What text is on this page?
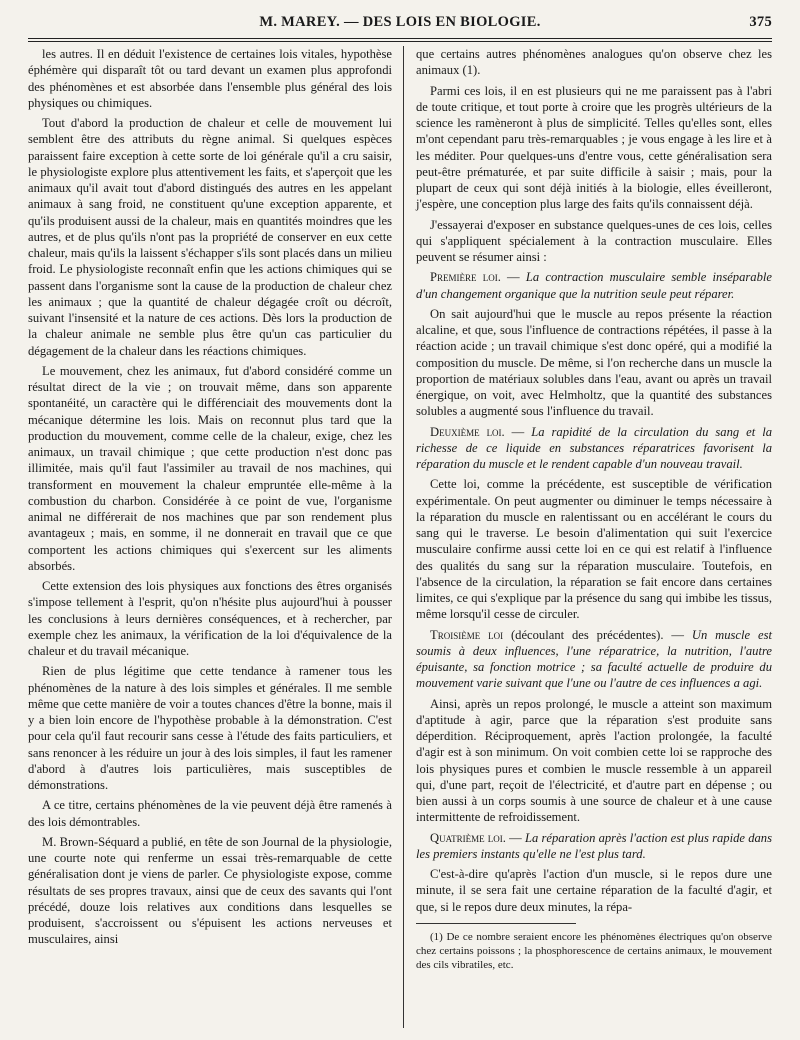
M. MAREY. — DES LOIS EN BIOLOGIE.	375

les autres. Il en déduit l'existence de certaines lois vitales, hypothèse éphémère qui disparaît tôt ou tard devant un examen plus approfondi des phénomènes et est absorbée dans l'ensemble plus général des lois physiques ou chimiques.

Tout d'abord la production de chaleur et celle de mouvement lui semblent être des attributs du règne animal. Si quelques espèces paraissent faire exception à cette sorte de loi générale qu'il a cru saisir, le physiologiste explore plus attentivement les faits, et s'aperçoit que les animaux qu'il avait tout d'abord distingués des autres en les appelant animaux à sang froid, ne constituent qu'une exception apparente, et qu'ils produisent aussi de la chaleur, mais en quantités moindres que les autres, et de plus qu'ils n'ont pas la propriété de conserver en eux cette chaleur, mais qu'ils la laissent s'échapper s'ils sont placés dans un milieu froid. Le physiologiste reconnaît enfin que les actions chimiques qui se passent dans l'organisme sont la cause de la production de chaleur chez les animaux ; que la quantité de chaleur dégagée croît ou décroît, suivant l'insensité et la nature de ces actions. Dès lors la production de la chaleur animale ne semble plus être qu'un cas particulier du dégagement de la chaleur dans les réactions chimiques.

Le mouvement, chez les animaux, fut d'abord considéré comme un résultat direct de la vie ; on trouvait même, dans son apparente spontanéité, un caractère qui le différenciait des mouvements dont la mécanique détermine les lois. Mais on reconnut plus tard que la production du mouvement, comme celle de la chaleur, exige, chez les animaux, un travail chimique ; que cette production n'est donc pas illimitée, mais qu'il faut l'assimiler au travail de nos machines, qui transforment en mouvement la chaleur empruntée elle-même à la combustion du charbon. Considérée à ce point de vue, l'organisme animal ne différerait de nos machines que par son rendement plus avantageux ; mais, en somme, il ne donnerait en travail que ce que comportent les actions chimiques qui s'exercent sur les aliments absorbés.

Cette extension des lois physiques aux fonctions des êtres organisés s'impose tellement à l'esprit, qu'on n'hésite plus aujourd'hui à pousser les conclusions à leurs dernières conséquences, et à rechercher, par exemple chez les animaux, la vérification de la loi d'équivalence de la chaleur et du travail mécanique.

Rien de plus légitime que cette tendance à ramener tous les phénomènes de la nature à des lois simples et générales. Il me semble même que cette manière de voir a toutes chances d'être la bonne, mais il y a bien loin encore de l'hypothèse probable à la démonstration. C'est pour cela qu'il faut recourir sans cesse à l'étude des faits particuliers, et sans renoncer à les réduire un jour à des lois simples, il faut les ramener d'abord à d'autres lois particulières, mais susceptibles de démonstrations.

A ce titre, certains phénomènes de la vie peuvent déjà être ramenés à des lois démontrables.

M. Brown-Séquard a publié, en tête de son Journal de la physiologie, une courte note qui renferme un essai très-remarquable de cette généralisation dont je viens de parler. Ce physiologiste expose, comme résultats de ses propres travaux, ainsi que de ceux des savants qui l'ont précédé, douze lois relatives aux conditions dans lesquelles se produisent, s'accroissent ou s'épuisent les actions nerveuses et musculaires, ainsi

que certains autres phénomènes analogues qu'on observe chez les animaux (1).

Parmi ces lois, il en est plusieurs qui ne me paraissent pas à l'abri de toute critique, et tout porte à croire que les progrès ultérieurs de la science les ramèneront à plus de simplicité. Telles qu'elles sont, elles m'ont cependant paru très-remarquables ; je vous engage à les lire et à les méditer. Pour quelques-uns d'entre vous, cette généralisation sera peut-être prématurée, et par suite difficile à saisir ; mais, pour la plupart de ceux qui sont déjà initiés à la biologie, elles éveilleront, j'espère, une conception plus large des faits qu'ils connaissent déjà.

J'essayerai d'exposer en substance quelques-unes de ces lois, celles qui s'appliquent spécialement à la contraction musculaire. Elles peuvent se résumer ainsi :

Première loi. — La contraction musculaire semble inséparable d'un changement organique que la nutrition seule peut réparer.

On sait aujourd'hui que le muscle au repos présente la réaction alcaline, et que, sous l'influence de contractions répétées, il passe à la réaction acide ; un travail chimique s'est donc opéré, qui a modifié la composition du muscle. De même, si l'on recherche dans un muscle la proportion de matériaux solubles dans l'eau, avant ou après un travail énergique, on voit, avec Helmholtz, que la quantité des substances solubles a augmenté sous l'influence du travail.

Deuxième loi. — La rapidité de la circulation du sang et la richesse de ce liquide en substances réparatrices favorisent la réparation du muscle et le rendent capable d'un nouveau travail.

Cette loi, comme la précédente, est susceptible de vérification expérimentale. On peut augmenter ou diminuer le temps nécessaire à la réparation du muscle en ralentissant ou en accélérant le cours du sang qui le traverse. Le besoin d'alimentation qui suit l'exercice musculaire confirme aussi cette loi en ce qui est relatif à l'influence des qualités du sang sur la réparation musculaire. Toutefois, en l'absence de la circulation, la réparation se fait encore dans certaines limites, ce qui s'explique par la présence du sang qui imbibe les tissus, même lorsqu'il cesse de circuler.

Troisième loi (découlant des précédentes). — Un muscle est soumis à deux influences, l'une réparatrice, la nutrition, l'autre épuisante, sa fonction motrice ; sa faculté actuelle de produire du mouvement varie suivant que l'une ou l'autre de ces influences a agi.

Ainsi, après un repos prolongé, le muscle a atteint son maximum d'aptitude à agir, parce que la réparation s'est produite sans déperdition. Réciproquement, après l'action prolongée, la faculté d'agir est à son minimum. On voit combien cette loi se rapproche des lois physiques pures et combien le muscle ressemble à un appareil qui, d'une part, reçoit de l'électricité, et d'autre part en dépense ; ou bien aussi à un corps soumis à une source de chaleur et à une cause intermittente de refroidissement.

Quatrième loi. — La réparation après l'action est plus rapide dans les premiers instants qu'elle ne l'est plus tard.

C'est-à-dire qu'après l'action d'un muscle, si le repos dure une minute, il se sera fait une certaine réparation de la faculté d'agir, et que, si le repos dure deux minutes, la répa-

(1) De ce nombre seraient encore les phénomènes électriques qu'on observe chez certains poissons ; la phosphorescence de certains animaux, le mouvement des cils vibratiles, etc.
